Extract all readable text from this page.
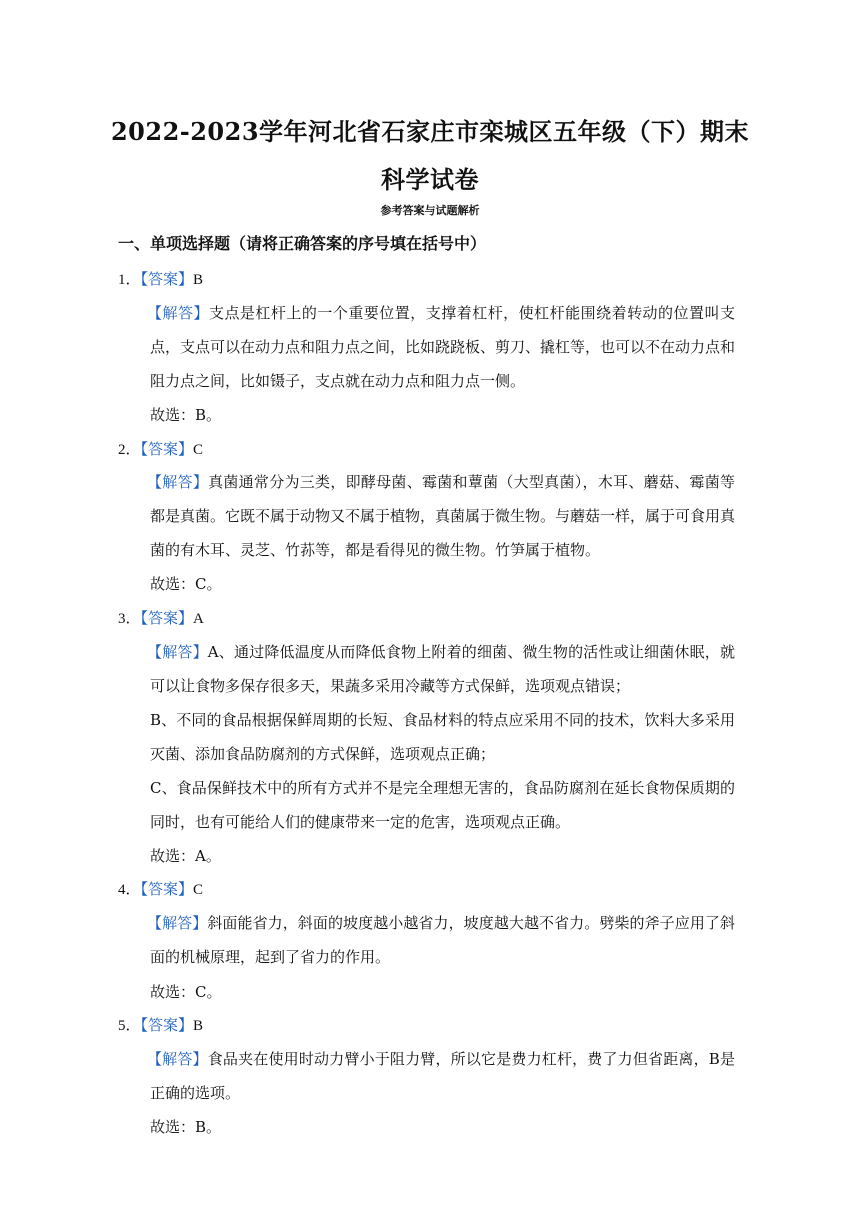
2022-2023学年河北省石家庄市栾城区五年级（下）期末科学试卷
参考答案与试题解析
一、单项选择题（请将正确答案的序号填在括号中）
1．【答案】B

【解答】支点是杠杆上的一个重要位置，支撑着杠杆，使杠杆能围绕着转动的位置叫支点，支点可以在动力点和阻力点之间，比如跷跷板、剪刀、撬杠等，也可以不在动力点和阻力点之间，比如镊子，支点就在动力点和阻力点一侧。

故选：B。
2．【答案】C

【解答】真菌通常分为三类，即酵母菌、霉菌和蕈菌（大型真菌），木耳、蘑菇、霉菌等都是真菌。它既不属于动物又不属于植物，真菌属于微生物。与蘑菇一样，属于可食用真菌的有木耳、灵芝、竹荪等，都是看得见的微生物。竹笋属于植物。

故选：C。
3．【答案】A

【解答】A、通过降低温度从而降低食物上附着的细菌、微生物的活性或让细菌休眠，就可以让食物多保存很多天，果蔬多采用冷藏等方式保鲜，选项观点错误；

B、不同的食品根据保鲜周期的长短、食品材料的特点应采用不同的技术，饮料大多采用灭菌、添加食品防腐剂的方式保鲜，选项观点正确；

C、食品保鲜技术中的所有方式并不是完全理想无害的，食品防腐剂在延长食物保质期的同时，也有可能给人们的健康带来一定的危害，选项观点正确。

故选：A。
4．【答案】C

【解答】斜面能省力，斜面的坡度越小越省力，坡度越大越不省力。劈柴的斧子应用了斜面的机械原理，起到了省力的作用。

故选：C。
5．【答案】B

【解答】食品夹在使用时动力臂小于阻力臂，所以它是费力杠杆，费了力但省距离，B是正确的选项。

故选：B。
